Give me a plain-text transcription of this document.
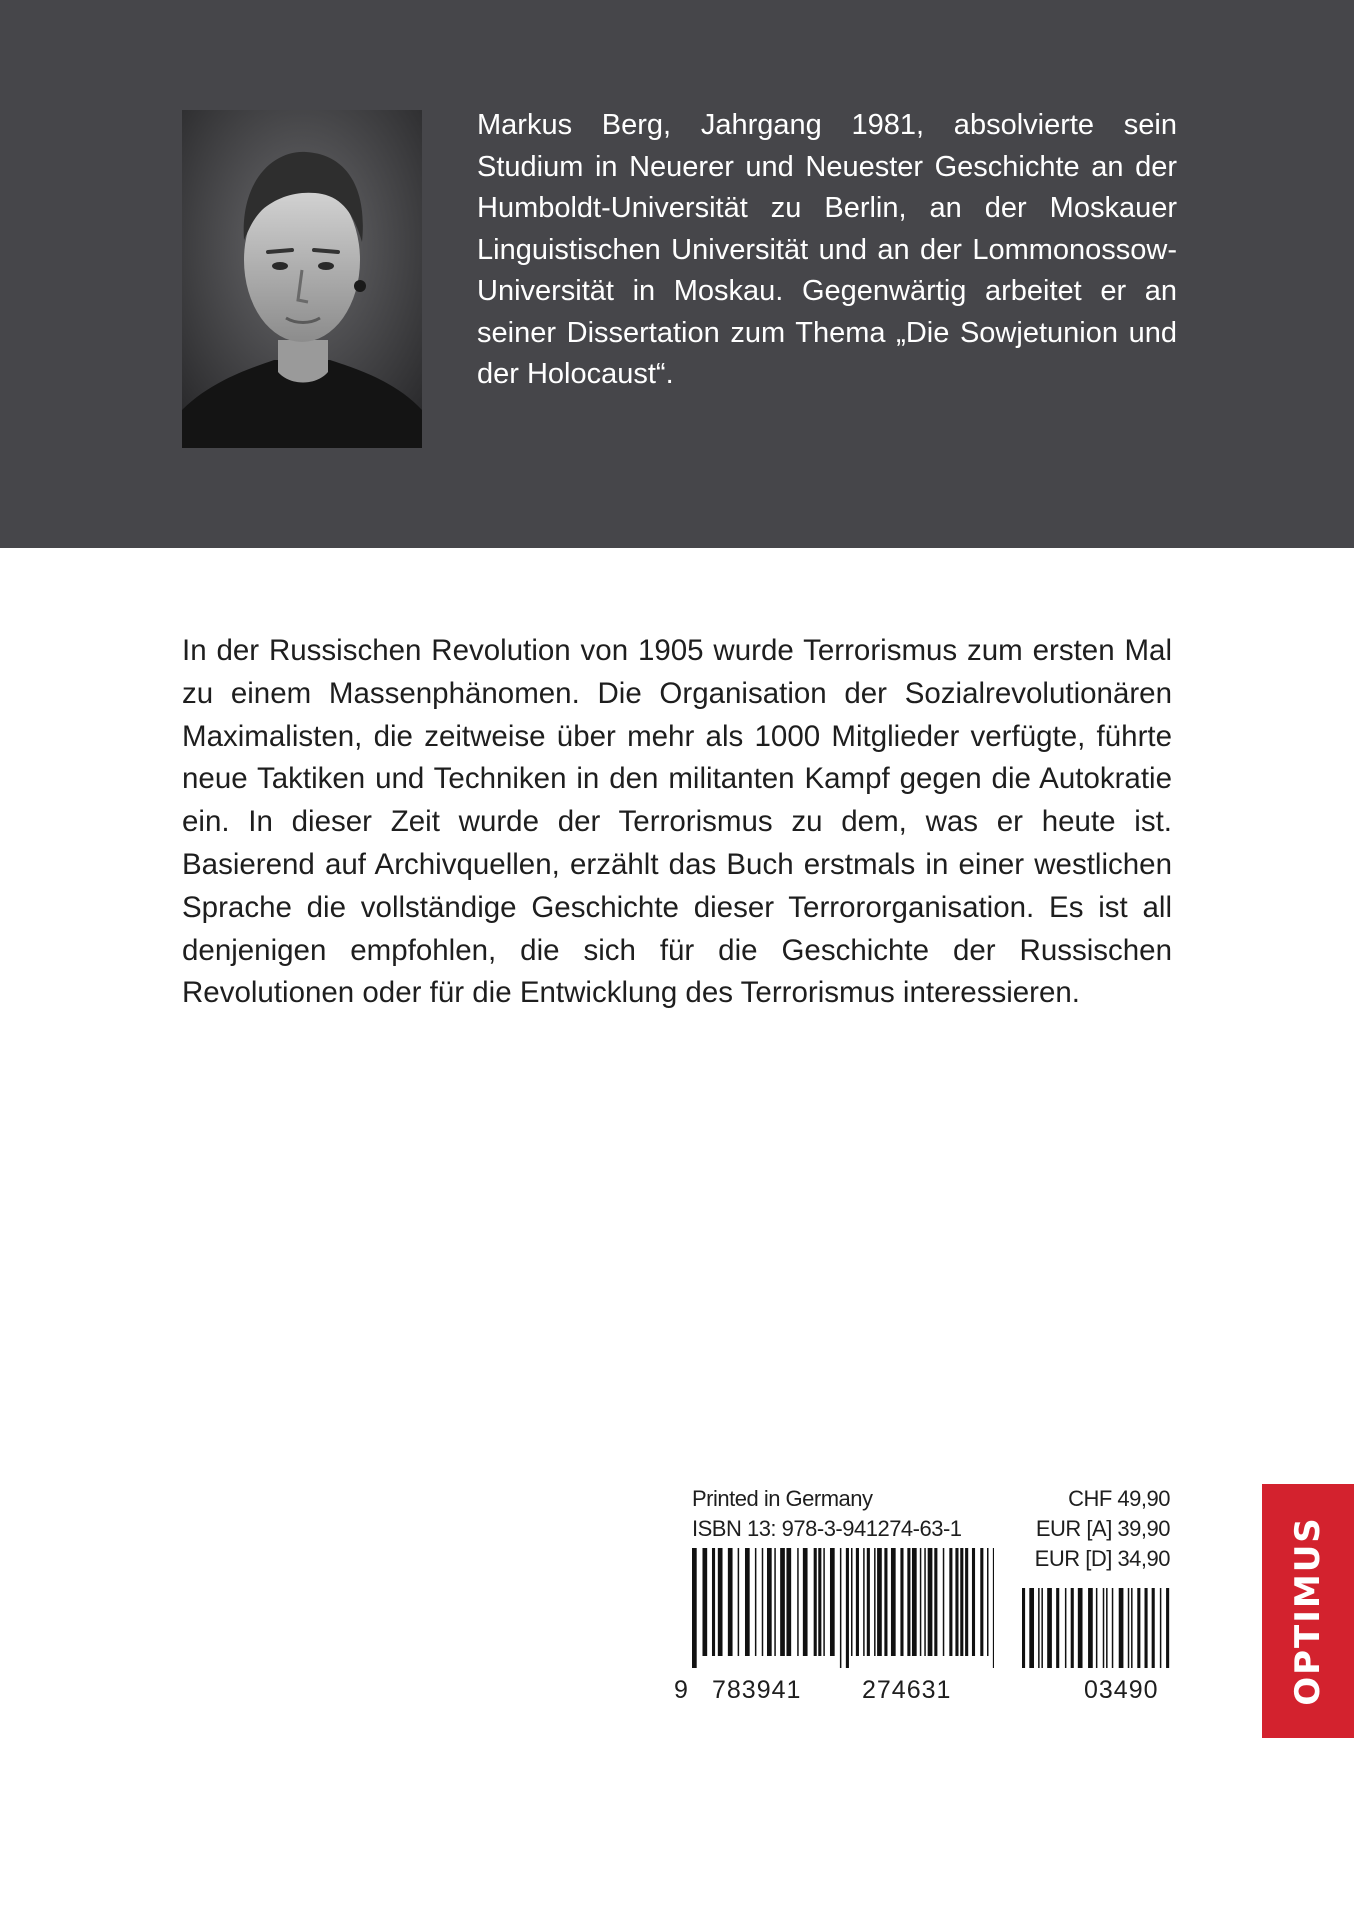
Markus Berg, Jahrgang 1981, absolvierte sein Studium in Neuerer und Neuester Geschichte an der Humboldt-Universität zu Berlin, an der Moskauer Linguistischen Universität und an der Lommonossow-Universität in Moskau. Gegenwärtig arbeitet er an seiner Dissertation zum Thema „Die Sowjetunion und der Holocaust“.

In der Russischen Revolution von 1905 wurde Terrorismus zum ersten Mal zu einem Massenphänomen. Die Organisation der Sozialrevolutionären Maximalisten, die zeitweise über mehr als 1000 Mitglieder verfügte, führte neue Taktiken und Techniken in den militanten Kampf gegen die Autokratie ein. In dieser Zeit wurde der Terrorismus zu dem, was er heute ist. Basierend auf Archivquellen, erzählt das Buch erstmals in einer westlichen Sprache die vollständige Geschichte dieser Terrororganisation. Es ist all denjenigen empfohlen, die sich für die Geschichte der Russischen Revolutionen oder für die Entwicklung des Terrorismus interessieren.

Printed in Germany
ISBN 13: 978-3-941274-63-1
CHF 49,90
EUR [A] 39,90
EUR [D] 34,90
9 783941 274631	03490	OPTIMUS
